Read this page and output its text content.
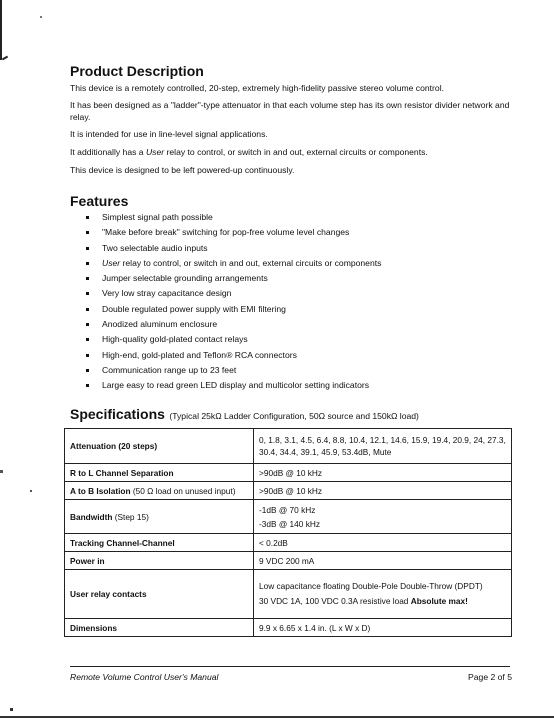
Product Description

This device is a remotely controlled, 20-step, extremely high-fidelity passive stereo volume control.

It has been designed as a "ladder"-type attenuator in that each volume step has its own resistor divider network and relay.

It is intended for use in line-level signal applications.

It additionally has a User relay to control, or switch in and out, external circuits or components.

This device is designed to be left powered-up continuously.

Features
Simplest signal path possible
"Make before break" switching for pop-free volume level changes
Two selectable audio inputs
User relay to control, or switch in and out, external circuits or components
Jumper selectable grounding arrangements
Very low stray capacitance design
Double regulated power supply with EMI filtering
Anodized aluminum enclosure
High-quality gold-plated contact relays
High-end, gold-plated and Teflon® RCA connectors
Communication range up to 23 feet
Large easy to read green LED display and multicolor setting indicators
Specifications (Typical 25kΩ Ladder Configuration, 50Ω source and 150kΩ load)
Attenuation (20 steps)	0, 1.8, 3.1, 4.5, 6.4, 8.8, 10.4, 12.1, 14.6, 15.9, 19.4, 20.9, 24, 27.3, 30.4, 34.4, 39.1, 45.9, 53.4dB, Mute

R to L Channel Separation	>90dB @ 10 kHz
A to B Isolation (50 Ω load on unused input)	>90dB @ 10 kHz
Bandwidth (Step 15)	-1dB @ 70 kHz
-3dB @ 140 kHz

Tracking Channel-Channel	< 0.2dB
Power in	9 VDC 200 mA
User relay contacts	Low capacitance floating Double-Pole Double-Throw (DPDT)
30 VDC 1A, 100 VDC 0.3A resistive load Absolute max!

Dimensions	9.9 x 6.65 x 1.4 in. (L x W x D)
Remote Volume Control User's Manual	Page 2 of 5
